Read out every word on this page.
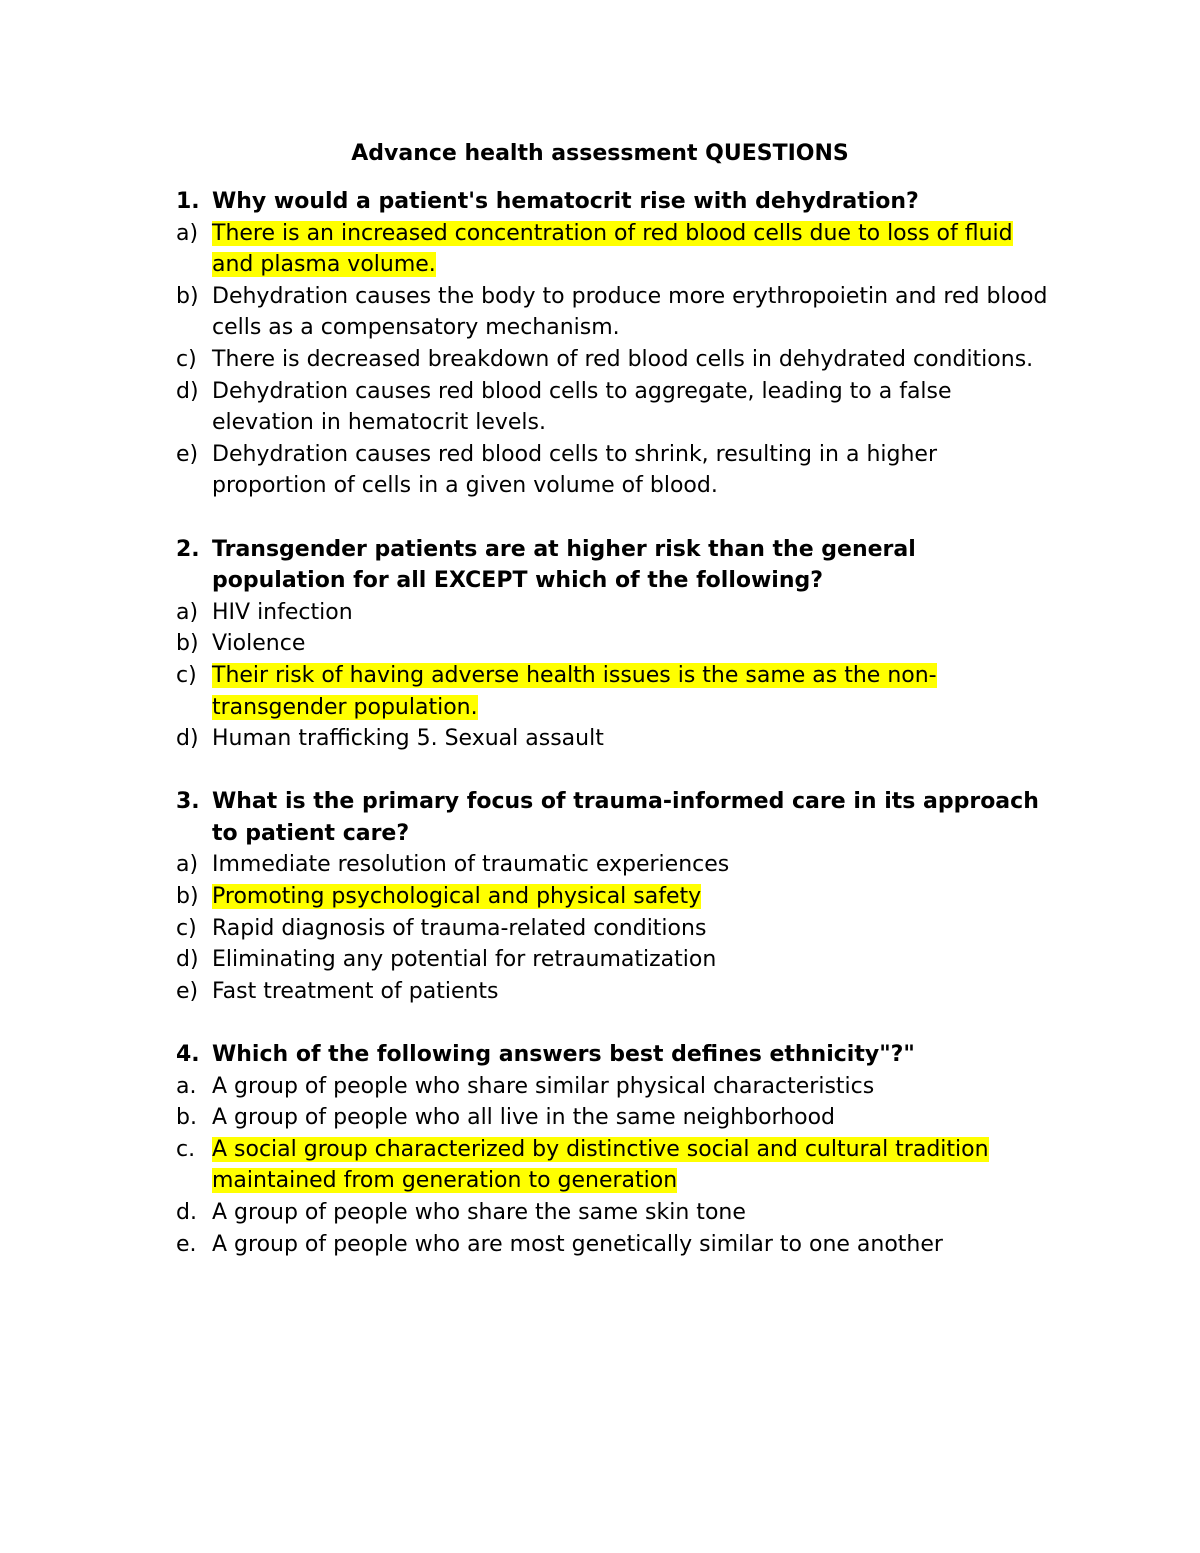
Advance health assessment QUESTIONS
1. Why would a patient's hematocrit rise with dehydration?
a) There is an increased concentration of red blood cells due to loss of fluid and plasma volume.
b) Dehydration causes the body to produce more erythropoietin and red blood cells as a compensatory mechanism.
c) There is decreased breakdown of red blood cells in dehydrated conditions.
d) Dehydration causes red blood cells to aggregate, leading to a false elevation in hematocrit levels.
e) Dehydration causes red blood cells to shrink, resulting in a higher proportion of cells in a given volume of blood.
2. Transgender patients are at higher risk than the general population for all EXCEPT which of the following?
a) HIV infection
b) Violence
c) Their risk of having adverse health issues is the same as the non-transgender population.
d) Human trafficking 5. Sexual assault
3. What is the primary focus of trauma-informed care in its approach to patient care?
a) Immediate resolution of traumatic experiences
b) Promoting psychological and physical safety
c) Rapid diagnosis of trauma-related conditions
d) Eliminating any potential for retraumatization
e) Fast treatment of patients
4. Which of the following answers best defines ethnicity"?"
a. A group of people who share similar physical characteristics
b. A group of people who all live in the same neighborhood
c. A social group characterized by distinctive social and cultural tradition maintained from generation to generation
d. A group of people who share the same skin tone
e. A group of people who are most genetically similar to one another
